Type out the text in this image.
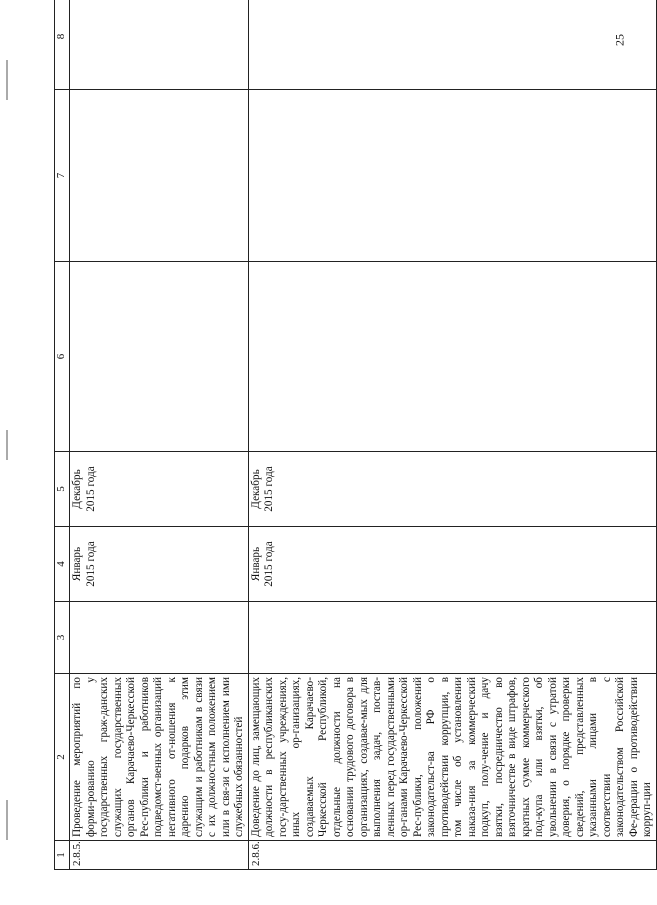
25
1	2	3	4	5	6	7	8
2.8.5.	Проведение мероприятий по форми-рованию у государственных граж-данских служащих государственных органов Карачаево-Черкесской Рес-публики и работников подведомст-венных организаций негативного от-ношения к дарению подарков этим служащим и работникам в связи с их должностным положением или в свя-зи с исполнением ими служебных обязанностей		Январь 2015 года	Декабрь 2015 года			

2.8.6.	Доведение до лиц, замещающих должности в республиканских госу-дарственных учреждениях, иных ор-ганизациях, создаваемых Карачаево-Черкесской Республикой, отдельные должности на основании трудового договора в организациях, создавае-мых для выполнения задач, постав-ленных перед государственными ор-ганами Карачаево-Черкесской Рес-публики, положений законодательст-ва РФ о противодействии коррупции, в том числе об установлении наказа-ния за коммерческий подкуп, полу-чение и дачу взятки, посредничество во взяточничестве в виде штрафов, кратных сумме коммерческого под-купа или взятки, об увольнении в связи с утратой доверия, о порядке проверки сведений, представленных указанными лицами в соответствии с законодательством Российской Фе-дерации о противодействии корруп-ции		Январь 2015 года	Декабрь 2015 года			
